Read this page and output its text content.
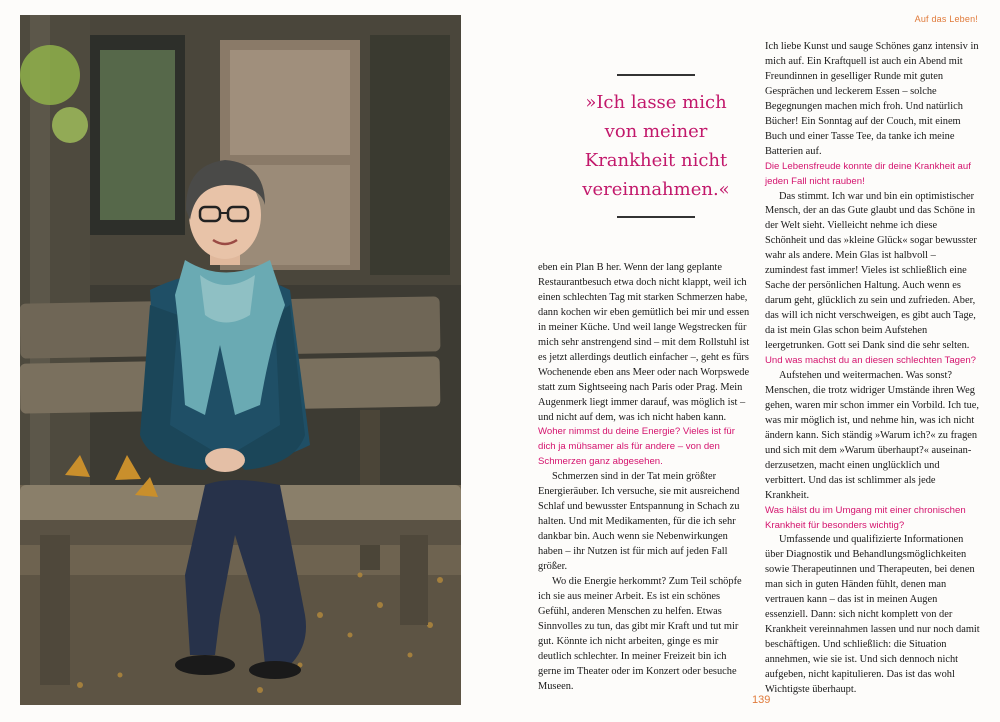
Auf das Leben!
»Ich lasse mich
von meiner
Krankheit nicht
vereinnahmen.«

eben ein Plan B her. Wenn der lang geplante Restaurantbesuch etwa doch nicht klappt, weil ich einen schlechten Tag mit starken Schmerzen habe, dann kochen wir eben gemütlich bei mir und essen in meiner Küche. Und weil lange Wegstrecken für mich sehr anstrengend sind – mit dem Rollstuhl ist es jetzt allerdings deutlich einfacher –, geht es fürs Wochenende eben ans Meer oder nach Worpswede statt zum Sightseeing nach Paris oder Prag. Mein Augenmerk liegt immer darauf, was möglich ist – und nicht auf dem, was ich nicht haben kann.

Woher nimmst du deine Energie? Vieles ist für dich ja mühsamer als für andere – von den Schmerzen ganz abgesehen.

Schmerzen sind in der Tat mein größter Energieräuber. Ich versuche, sie mit ausreichend Schlaf und bewusster Entspannung in Schach zu halten. Und mit Medikamenten, für die ich sehr dankbar bin. Auch wenn sie Nebenwirkungen haben – ihr Nutzen ist für mich auf jeden Fall größer.

Wo die Energie herkommt? Zum Teil schöpfe ich sie aus meiner Arbeit. Es ist ein schönes Gefühl, anderen Menschen zu helfen. Etwas Sinnvolles zu tun, das gibt mir Kraft und tut mir gut. Könnte ich nicht arbeiten, ginge es mir deutlich schlechter. In meiner Freizeit bin ich gerne im Theater oder im Konzert oder besuche Museen.

Ich liebe Kunst und sauge Schönes ganz intensiv in mich auf. Ein Kraftquell ist auch ein Abend mit Freundinnen in geselliger Runde mit guten Gesprächen und leckerem Essen – solche Begegnungen machen mich froh. Und natürlich Bücher! Ein Sonntag auf der Couch, mit einem Buch und einer Tasse Tee, da tanke ich meine Batterien auf.

Die Lebensfreude konnte dir deine Krankheit auf jeden Fall nicht rauben!

Das stimmt. Ich war und bin ein optimistischer Mensch, der an das Gute glaubt und das Schöne in der Welt sieht. Vielleicht nehme ich diese Schönheit und das »kleine Glück« sogar bewusster wahr als andere. Mein Glas ist halbvoll – zumindest fast immer! Vieles ist schließlich eine Sache der persönlichen Haltung. Auch wenn es darum geht, glücklich zu sein und zufrieden. Aber, das will ich nicht verschweigen, es gibt auch Tage, da ist mein Glas schon beim Aufstehen leergetrunken. Gott sei Dank sind die sehr selten.

Und was machst du an diesen schlechten Tagen?

Aufstehen und weitermachen. Was sonst? Menschen, die trotz widriger Umstände ihren Weg gehen, waren mir schon immer ein Vorbild. Ich tue, was mir möglich ist, und nehme hin, was ich nicht ändern kann. Sich ständig »Warum ich?« zu fragen und sich mit dem »Warum überhaupt?« auseinan-derzusetzen, macht einen unglücklich und verbittert. Und das ist schlimmer als jede Krankheit.

Was hälst du im Umgang mit einer chronischen Krankheit für besonders wichtig?

Umfassende und qualifizierte Informationen über Diagnostik und Behandlungsmöglichkeiten sowie Therapeutinnen und Therapeuten, bei denen man sich in guten Händen fühlt, denen man vertrauen kann – das ist in meinen Augen essenziell. Dann: sich nicht komplett von der Krankheit vereinnahmen lassen und nur noch damit beschäftigen. Und schließlich: die Situation annehmen, wie sie ist. Und sich dennoch nicht aufgeben, nicht kapitulieren. Das ist das wohl Wichtigste überhaupt.

139
